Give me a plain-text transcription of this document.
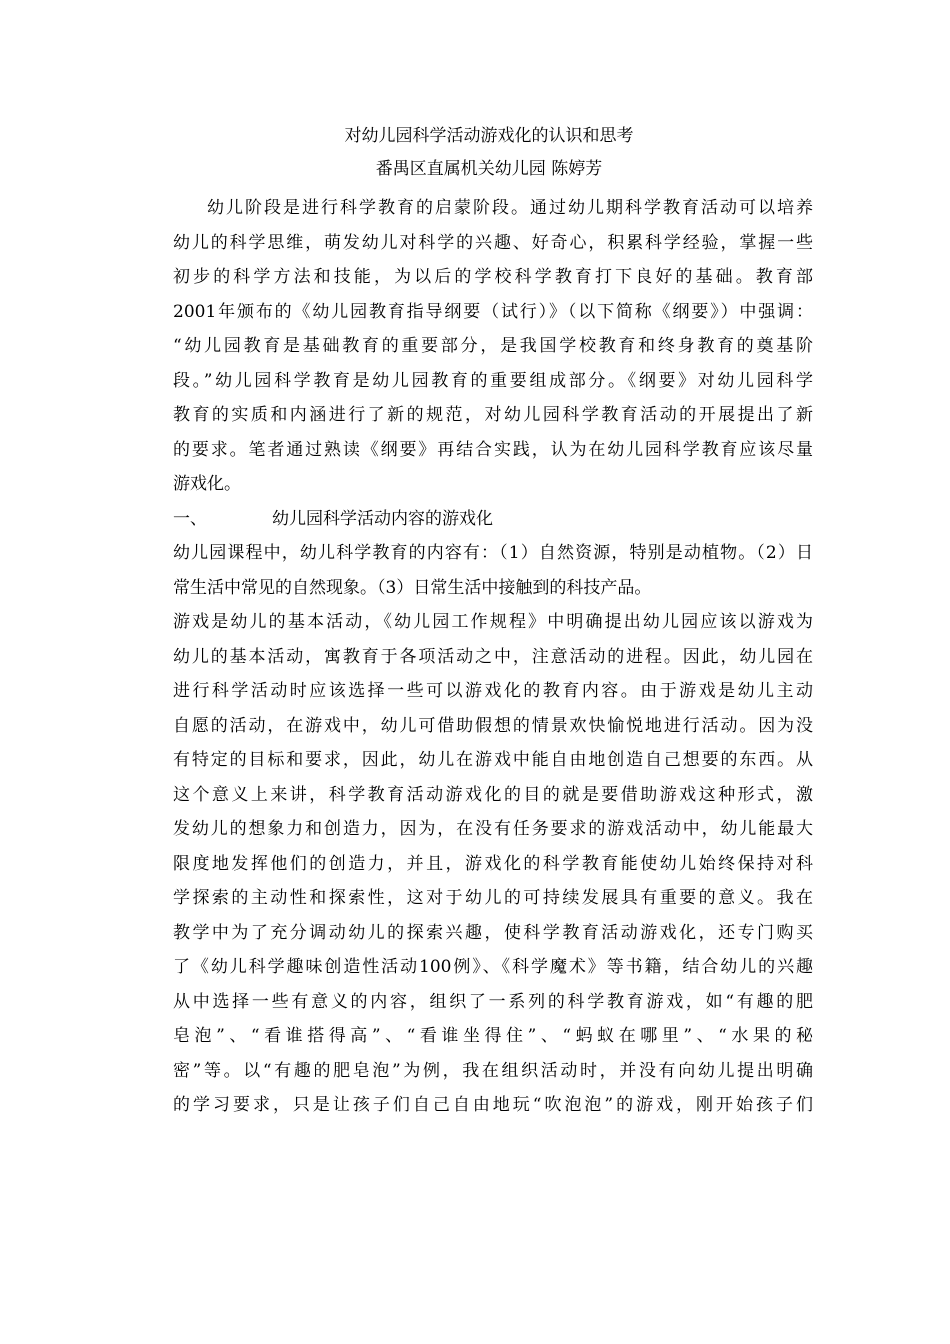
对幼儿园科学活动游戏化的认识和思考
番禺区直属机关幼儿园 陈婷芳
幼儿阶段是进行科学教育的启蒙阶段。通过幼儿期科学教育活动可以培养
幼儿的科学思维，萌发幼儿对科学的兴趣、好奇心，积累科学经验，掌握一些
初步的科学方法和技能，为以后的学校科学教育打下良好的基础。教育部
2001年颁布的《幼儿园教育指导纲要（试行）》（以下简称《纲要》）中强调：
“幼儿园教育是基础教育的重要部分，是我国学校教育和终身教育的奠基阶
段。”幼儿园科学教育是幼儿园教育的重要组成部分。《纲要》对幼儿园科学
教育的实质和内涵进行了新的规范，对幼儿园科学教育活动的开展提出了新
的要求。笔者通过熟读《纲要》再结合实践，认为在幼儿园科学教育应该尽量
游戏化。
一、	幼儿园科学活动内容的游戏化
幼儿园课程中，幼儿科学教育的内容有：（1）自然资源，特别是动植物。（2）日
常生活中常见的自然现象。（3）日常生活中接触到的科技产品。
游戏是幼儿的基本活动，《幼儿园工作规程》中明确提出幼儿园应该以游戏为
幼儿的基本活动，寓教育于各项活动之中，注意活动的进程。因此，幼儿园在
进行科学活动时应该选择一些可以游戏化的教育内容。由于游戏是幼儿主动
自愿的活动，在游戏中，幼儿可借助假想的情景欢快愉悦地进行活动。因为没
有特定的目标和要求，因此，幼儿在游戏中能自由地创造自己想要的东西。从
这个意义上来讲，科学教育活动游戏化的目的就是要借助游戏这种形式，激
发幼儿的想象力和创造力，因为，在没有任务要求的游戏活动中，幼儿能最大
限度地发挥他们的创造力，并且，游戏化的科学教育能使幼儿始终保持对科
学探索的主动性和探索性，这对于幼儿的可持续发展具有重要的意义。我在
教学中为了充分调动幼儿的探索兴趣，使科学教育活动游戏化，还专门购买
了《幼儿科学趣味创造性活动100例》、《科学魔术》等书籍，结合幼儿的兴趣
从中选择一些有意义的内容，组织了一系列的科学教育游戏，如“有趣的肥
皂泡”、“看谁搭得高”、“看谁坐得住”、“蚂蚁在哪里”、“水果的秘
密”等。以“有趣的肥皂泡”为例，我在组织活动时，并没有向幼儿提出明确
的学习要求，只是让孩子们自己自由地玩“吹泡泡”的游戏，刚开始孩子们
